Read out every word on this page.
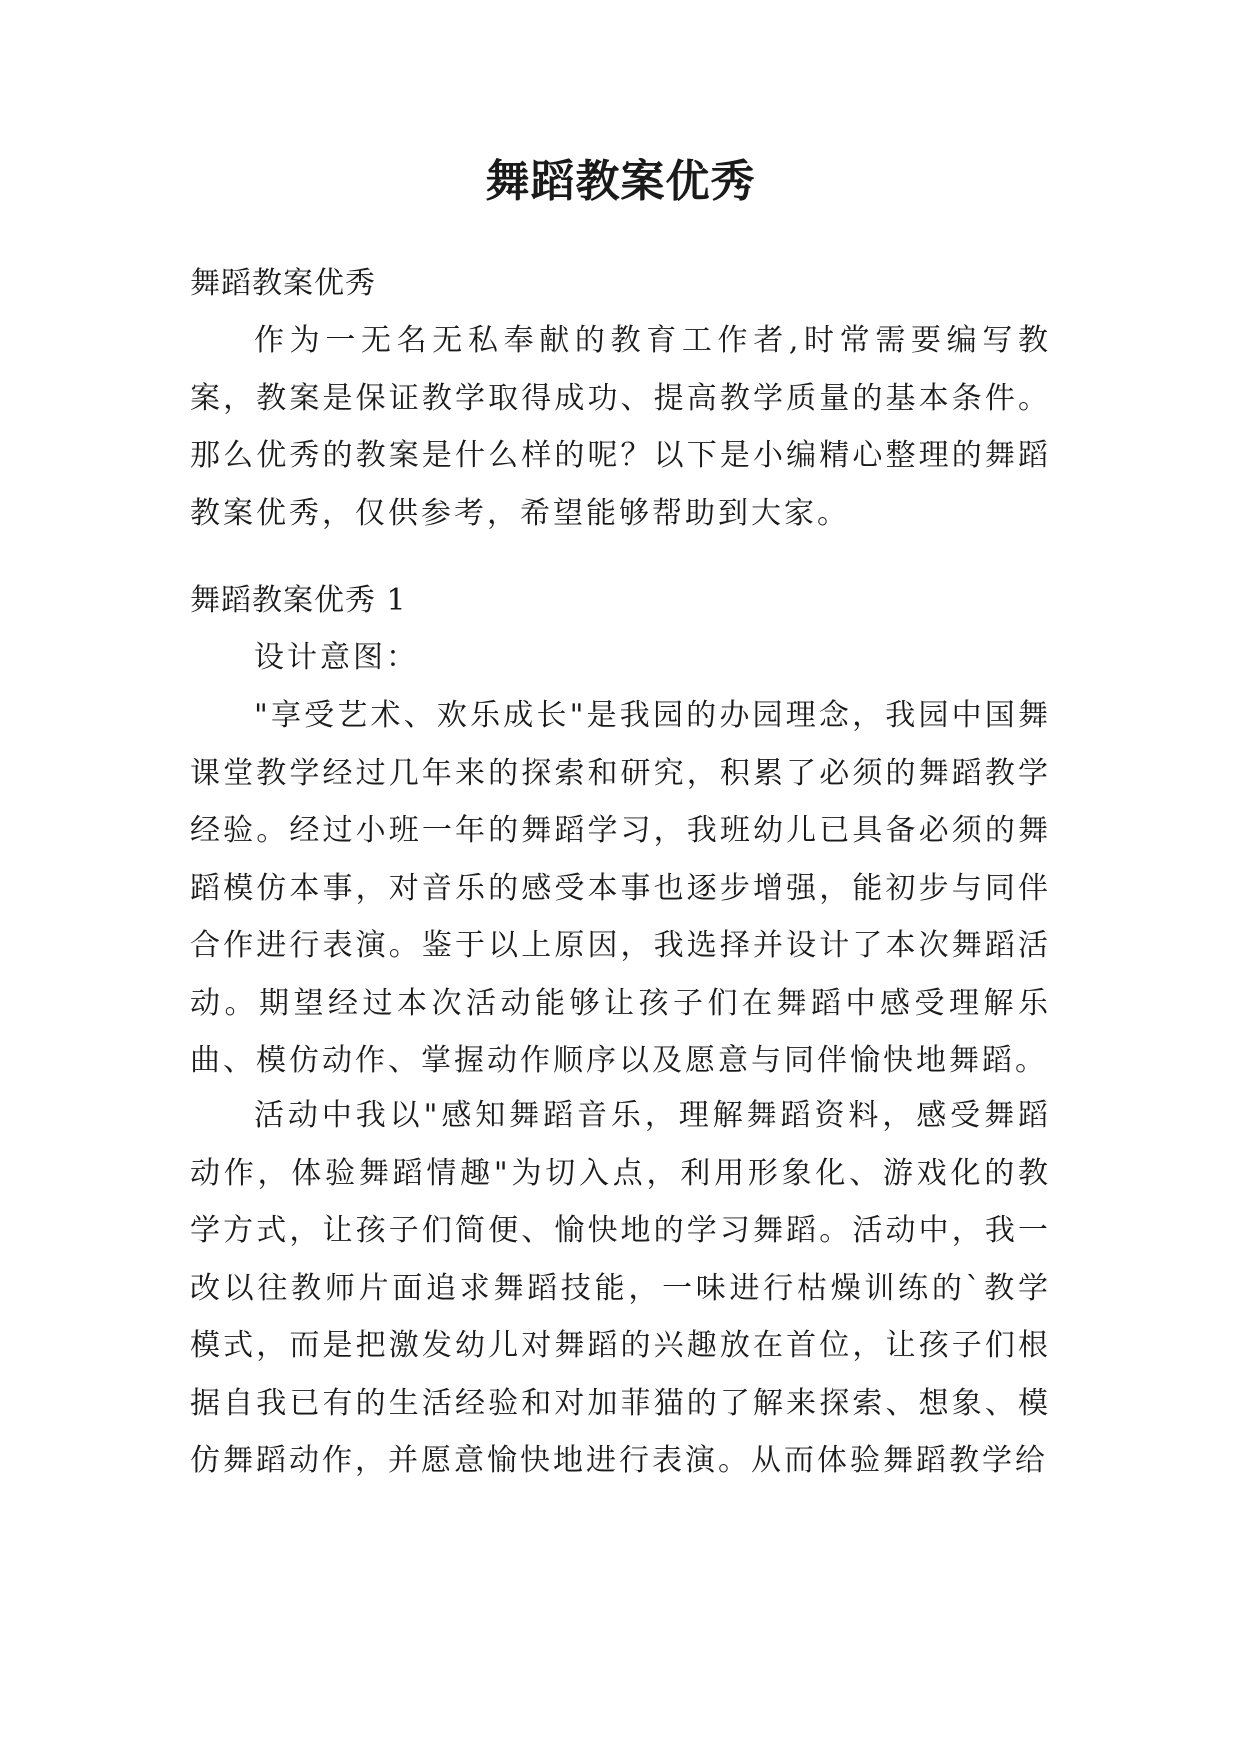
舞蹈教案优秀

舞蹈教案优秀

作为一无名无私奉献的教育工作者,时常需要编写教案，教案是保证教学取得成功、提高教学质量的基本条件。那么优秀的教案是什么样的呢？以下是小编精心整理的舞蹈教案优秀，仅供参考，希望能够帮助到大家。

舞蹈教案优秀 1

设计意图：

"享受艺术、欢乐成长"是我园的办园理念，我园中国舞课堂教学经过几年来的探索和研究，积累了必须的舞蹈教学经验。经过小班一年的舞蹈学习，我班幼儿已具备必须的舞蹈模仿本事，对音乐的感受本事也逐步增强，能初步与同伴合作进行表演。鉴于以上原因，我选择并设计了本次舞蹈活动。期望经过本次活动能够让孩子们在舞蹈中感受理解乐曲、模仿动作、掌握动作顺序以及愿意与同伴愉快地舞蹈。

活动中我以"感知舞蹈音乐，理解舞蹈资料，感受舞蹈动作，体验舞蹈情趣"为切入点，利用形象化、游戏化的教学方式，让孩子们简便、愉快地的学习舞蹈。活动中，我一改以往教师片面追求舞蹈技能，一味进行枯燥训练的`教学模式，而是把激发幼儿对舞蹈的兴趣放在首位，让孩子们根据自我已有的生活经验和对加菲猫的了解来探索、想象、模仿舞蹈动作，并愿意愉快地进行表演。从而体验舞蹈教学给
